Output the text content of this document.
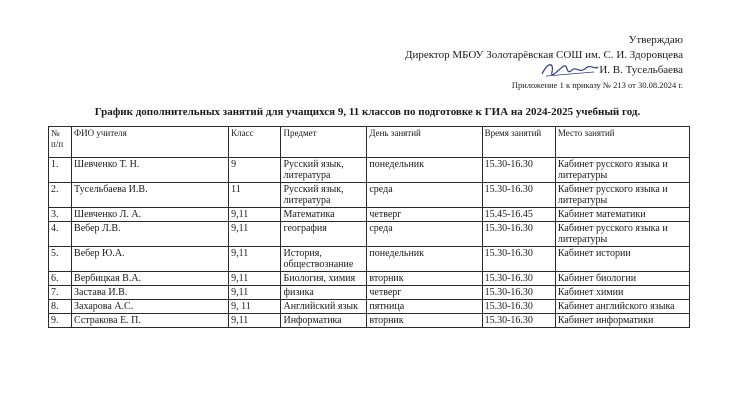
Утверждаю
Директор МБОУ Золотарёвская СОШ им. С. И. Здоровцева
И. В. Тусельбаева
Приложение 1 к приказу № 213 от 30.08.2024 г.
График дополнительных занятий для учащихся 9, 11 классов по подготовке к ГИА на 2024-2025 учебный год.
№ п/п	ФИО учителя	Класс	Предмет	День занятий	Время занятий	Место занятий
1.	Шевченко Т. Н.	9	Русский язык, литература	понедельник	15.30-16.30	Кабинет русского языка и литературы
2.	Тусельбаева И.В.	11	Русский язык, литература	среда	15.30-16.30	Кабинет русского языка и литературы
3.	Шевченко Л. А.	9,11	Математика	четверг	15.45-16.45	Кабинет математики
4.	Вебер Л.В.	9,11	география	среда	15.30-16.30	Кабинет русского языка и литературы
5.	Вебер Ю.А.	9,11	История, обществознание	понедельник	15.30-16.30	Кабинет истории
6.	Вербицкая В.А.	9,11	Биология, химия	вторник	15.30-16.30	Кабинет биологии
7.	Застава И.В.	9,11	физика	четверг	15.30-16.30	Кабинет химии
8.	Захарова А.С.	9, 11	Английский язык	пятница	15.30-16.30	Кабинет английского языка
9.	Сстракова Е. П.	9,11	Информатика	вторник	15.30-16.30	Кабинет информатики
